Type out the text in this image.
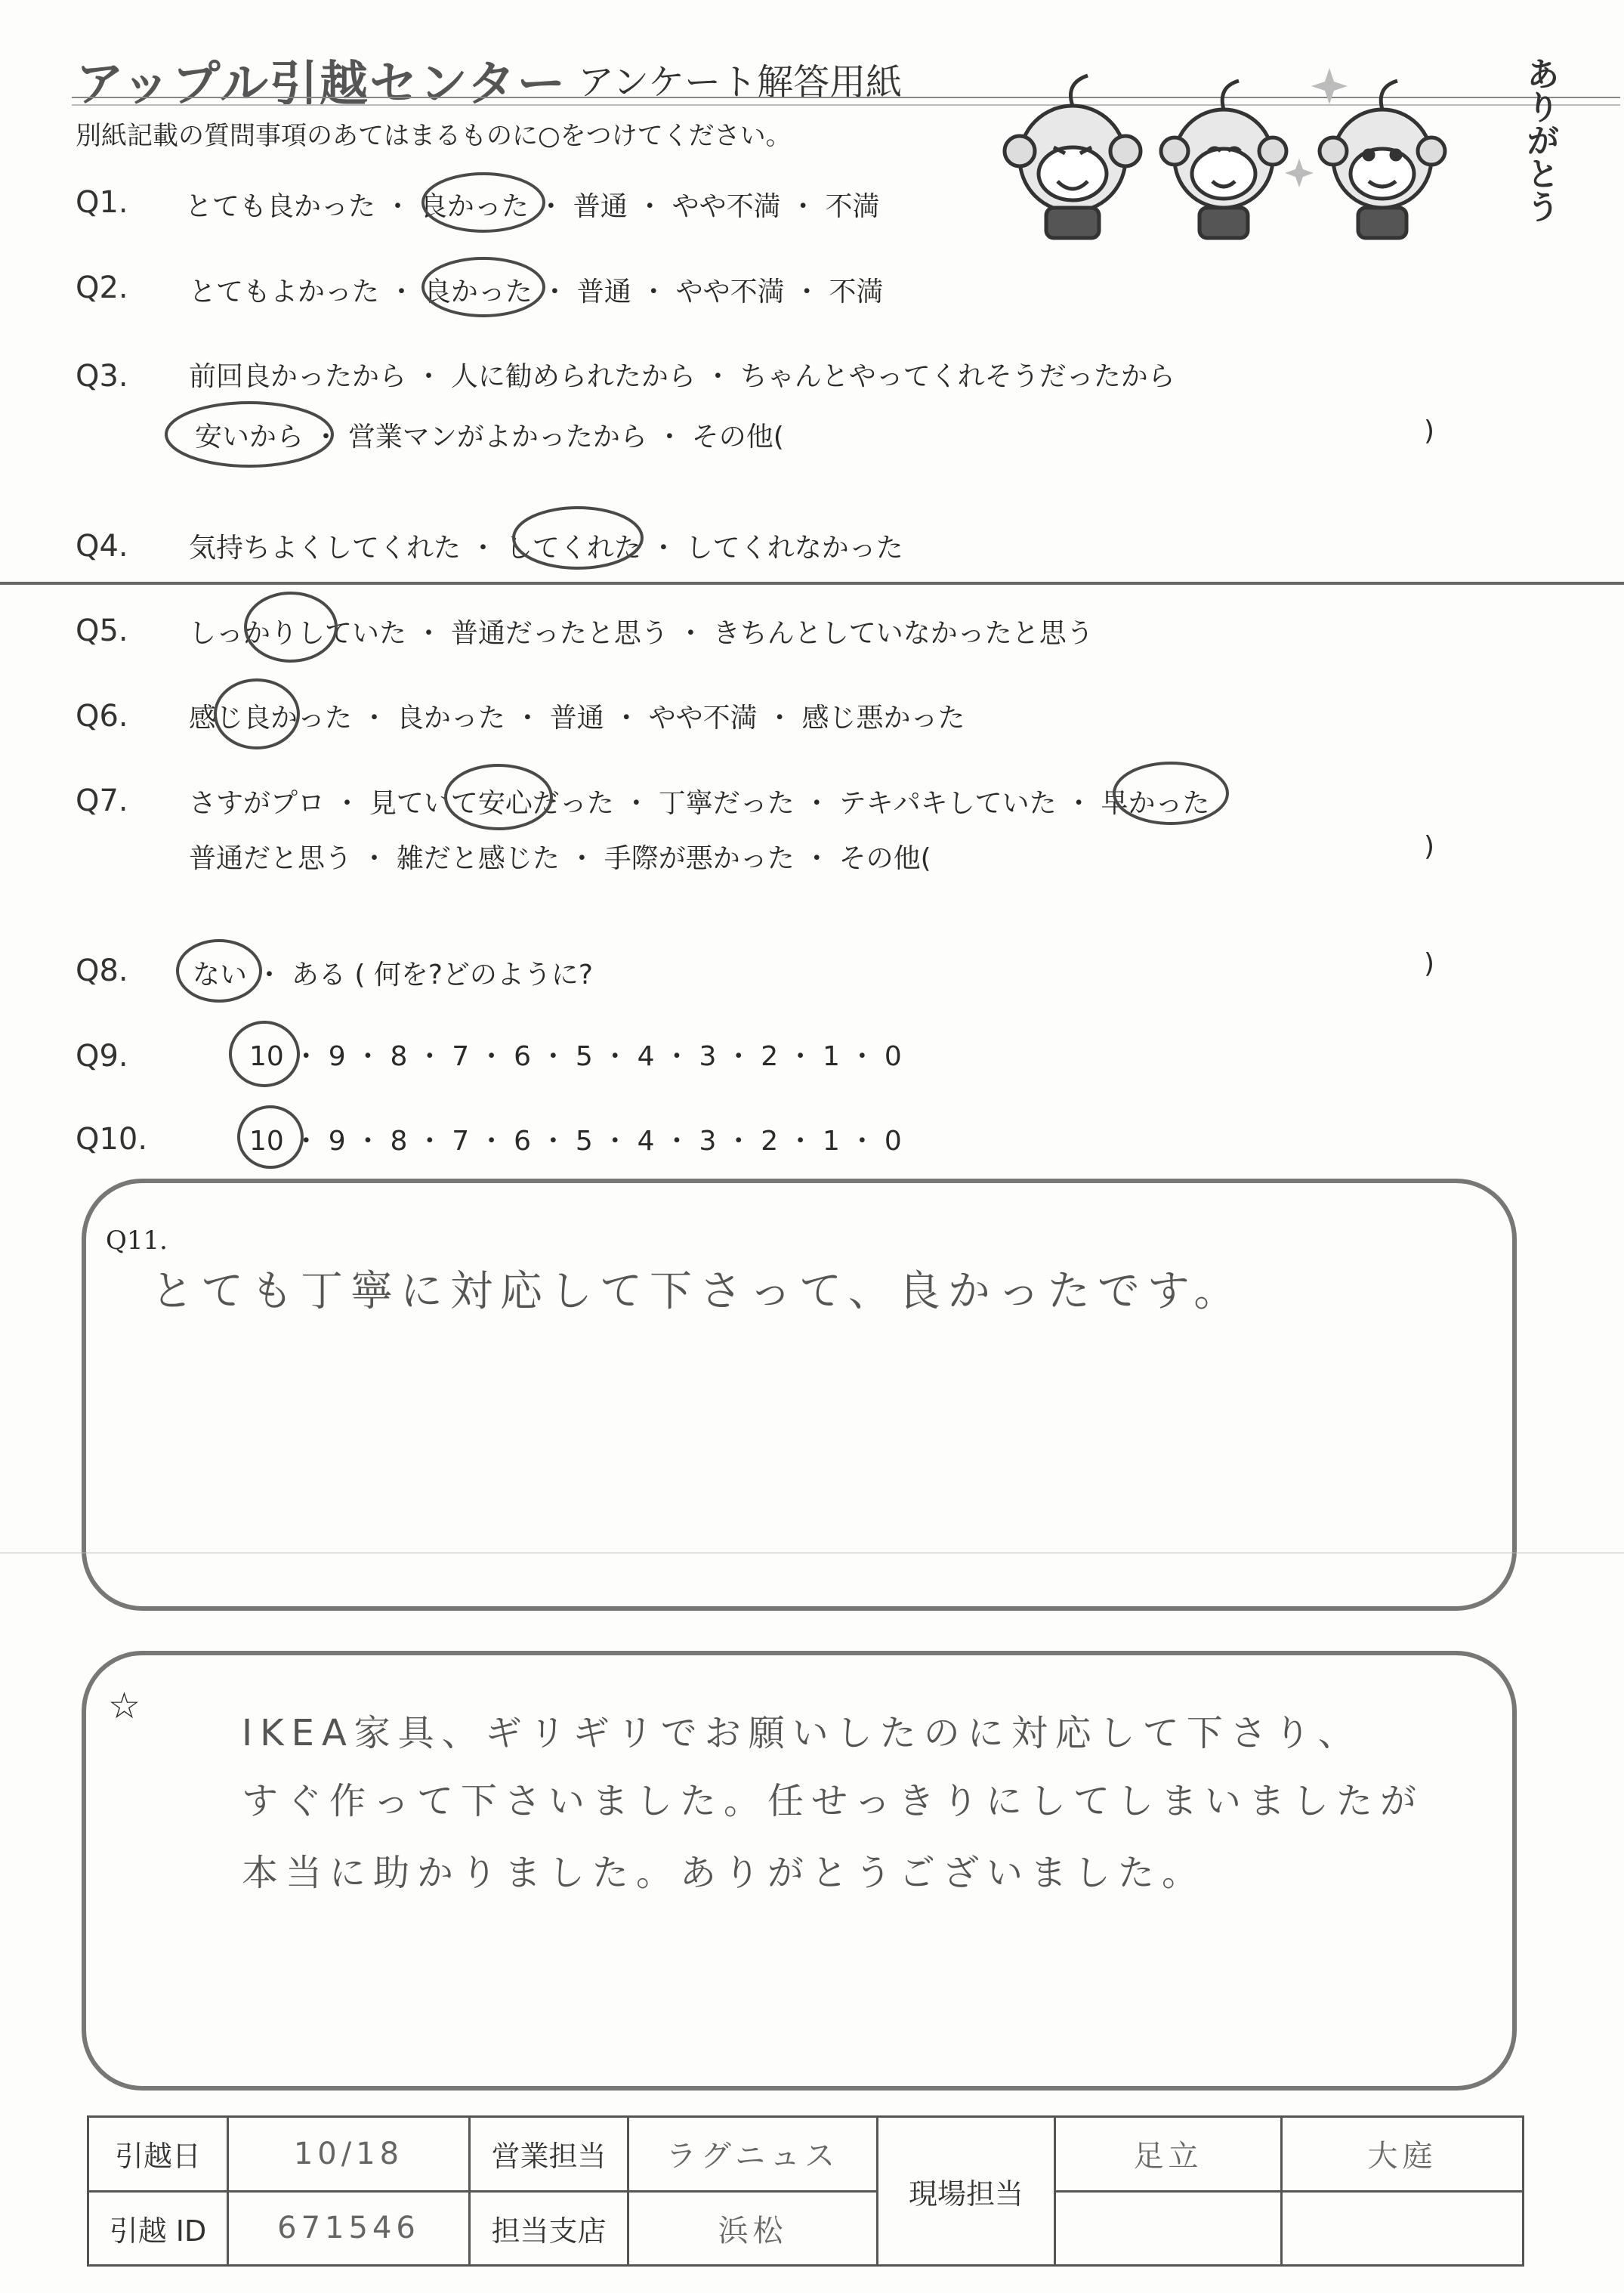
アップル引越センター アンケート解答用紙
別紙記載の質問事項のあてはまるものに○をつけてください。	ありがとう
Q1. とても良かった ・ 良かった ・ 普通 ・ やや不満 ・ 不満
Q2. とてもよかった ・ 良かった ・ 普通 ・ やや不満 ・ 不満
Q3. 前回良かったから ・ 人に勧められたから ・ ちゃんとやってくれそうだったから
安いから ・ 営業マンがよかったから ・ その他(	)
Q4. 気持ちよくしてくれた ・ してくれた ・ してくれなかった
Q5. しっかりしていた ・ 普通だったと思う ・ きちんとしていなかったと思う
Q6. 感じ良かった ・ 良かった ・ 普通 ・ やや不満 ・ 感じ悪かった
Q7. さすがプロ ・ 見ていて安心だった ・ 丁寧だった ・ テキパキしていた ・ 早かった
普通だと思う ・ 雑だと感じた ・ 手際が悪かった ・ その他(	)
Q8. ない ・ ある ( 何を?どのように?	)
Q9.	10 ・ 9 ・ 8 ・ 7 ・ 6 ・ 5 ・ 4 ・ 3 ・ 2 ・ 1 ・ 0
Q10.	10 ・ 9 ・ 8 ・ 7 ・ 6 ・ 5 ・ 4 ・ 3 ・ 2 ・ 1 ・ 0
Q11.
とても丁寧に対応して下さって、良かったです。
☆
IKEA家具、ギリギリでお願いしたのに対応して下さり、
すぐ作って下さいました。任せっきりにしてしまいましたが
本当に助かりました。ありがとうございました。
引越日	10/18	営業担当	ラグニュス	現場担当	足立	大庭
引越 ID	671546	担当支店	浜松			
